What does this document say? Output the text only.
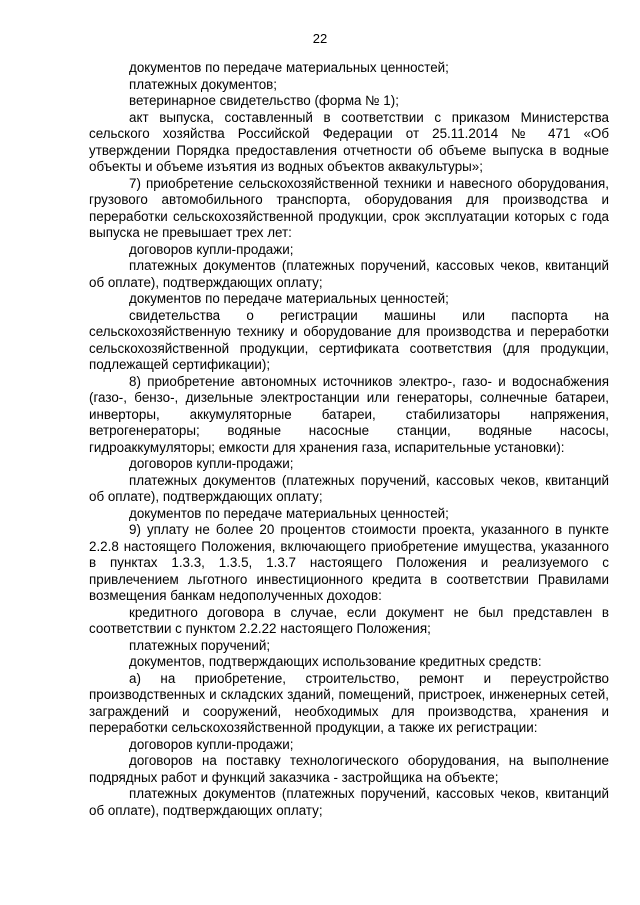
22

документов по передаче материальных ценностей;

платежных документов;

ветеринарное свидетельство (форма № 1);

акт выпуска, составленный в соответствии с приказом Министерства сельского хозяйства Российской Федерации от 25.11.2014 № 471 «Об утверждении Порядка предоставления отчетности об объеме выпуска в водные объекты и объеме изъятия из водных объектов аквакультуры»;

7) приобретение сельскохозяйственной техники и навесного оборудования, грузового автомобильного транспорта, оборудования для производства и переработки сельскохозяйственной продукции, срок эксплуатации которых с года выпуска не превышает трех лет:

договоров купли-продажи;

платежных документов (платежных поручений, кассовых чеков, квитанций об оплате), подтверждающих оплату;

документов по передаче материальных ценностей;

свидетельства о регистрации машины или паспорта на сельскохозяйственную технику и оборудование для производства и переработки сельскохозяйственной продукции, сертификата соответствия (для продукции, подлежащей сертификации);

8) приобретение автономных источников электро-, газо- и водоснабжения (газо-, бензо-, дизельные электростанции или генераторы, солнечные батареи, инверторы, аккумуляторные батареи, стабилизаторы напряжения, ветрогенераторы; водяные насосные станции, водяные насосы, гидроаккумуляторы; емкости для хранения газа, испарительные установки):

договоров купли-продажи;

платежных документов (платежных поручений, кассовых чеков, квитанций об оплате), подтверждающих оплату;

документов по передаче материальных ценностей;

9) уплату не более 20 процентов стоимости проекта, указанного в пункте 2.2.8 настоящего Положения, включающего приобретение имущества, указанного в пунктах 1.3.3, 1.3.5, 1.3.7 настоящего Положения и реализуемого с привлечением льготного инвестиционного кредита в соответствии Правилами возмещения банкам недополученных доходов:

кредитного договора в случае, если документ не был представлен в соответствии с пунктом 2.2.22 настоящего Положения;

платежных поручений;

документов, подтверждающих использование кредитных средств:

а) на приобретение, строительство, ремонт и переустройство производственных и складских зданий, помещений, пристроек, инженерных сетей, заграждений и сооружений, необходимых для производства, хранения и переработки сельскохозяйственной продукции, а также их регистрации:

договоров купли-продажи;

договоров на поставку технологического оборудования, на выполнение подрядных работ и функций заказчика - застройщика на объекте;

платежных документов (платежных поручений, кассовых чеков, квитанций об оплате), подтверждающих оплату;
